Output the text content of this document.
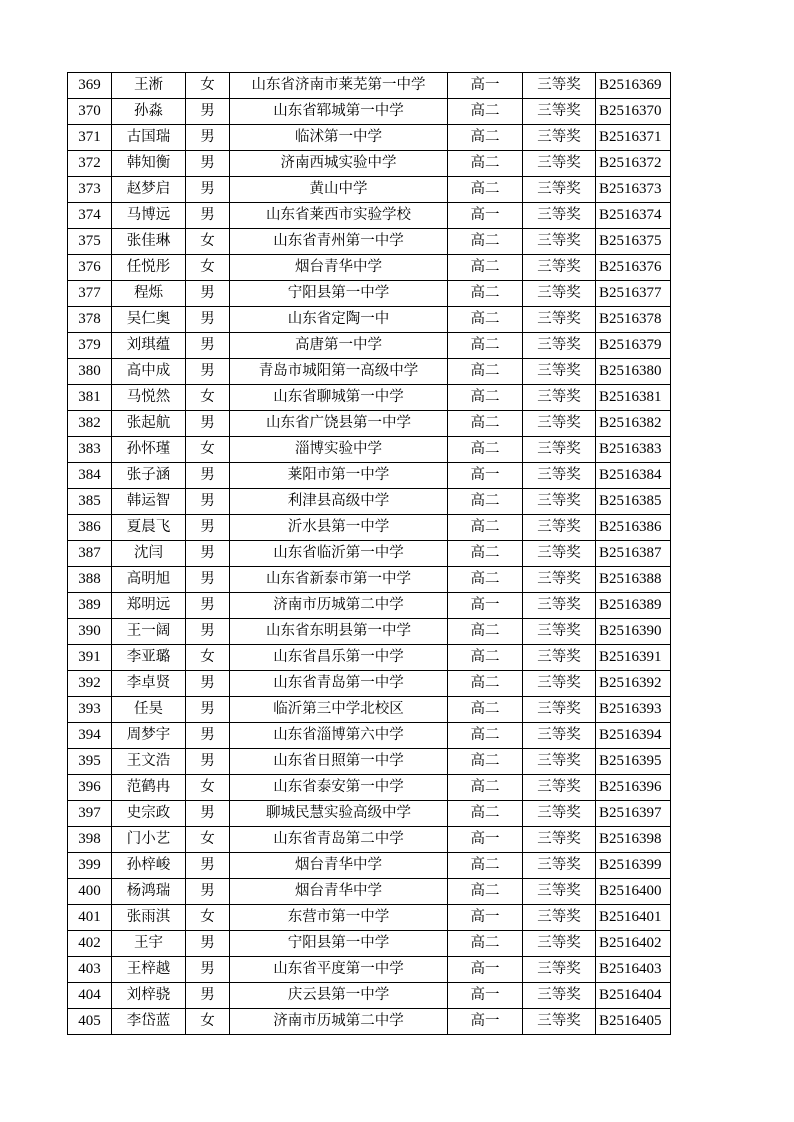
369	王淅	女	山东省济南市莱芜第一中学	高一	三等奖	B2516369
370	孙淼	男	山东省郓城第一中学	高二	三等奖	B2516370
371	古国瑞	男	临沭第一中学	高二	三等奖	B2516371
372	韩知衡	男	济南西城实验中学	高二	三等奖	B2516372
373	赵梦启	男	黄山中学	高二	三等奖	B2516373
374	马博远	男	山东省莱西市实验学校	高一	三等奖	B2516374
375	张佳琳	女	山东省青州第一中学	高二	三等奖	B2516375
376	任悦彤	女	烟台青华中学	高二	三等奖	B2516376
377	程烁	男	宁阳县第一中学	高二	三等奖	B2516377
378	吴仁奥	男	山东省定陶一中	高二	三等奖	B2516378
379	刘琪蕴	男	高唐第一中学	高二	三等奖	B2516379
380	高中成	男	青岛市城阳第一高级中学	高二	三等奖	B2516380
381	马悦然	女	山东省聊城第一中学	高二	三等奖	B2516381
382	张起航	男	山东省广饶县第一中学	高二	三等奖	B2516382
383	孙怀瑾	女	淄博实验中学	高二	三等奖	B2516383
384	张子涵	男	莱阳市第一中学	高一	三等奖	B2516384
385	韩运智	男	利津县高级中学	高二	三等奖	B2516385
386	夏晨飞	男	沂水县第一中学	高二	三等奖	B2516386
387	沈闫	男	山东省临沂第一中学	高二	三等奖	B2516387
388	高明旭	男	山东省新泰市第一中学	高二	三等奖	B2516388
389	郑明远	男	济南市历城第二中学	高一	三等奖	B2516389
390	王一阔	男	山东省东明县第一中学	高二	三等奖	B2516390
391	李亚璐	女	山东省昌乐第一中学	高二	三等奖	B2516391
392	李卓贤	男	山东省青岛第一中学	高二	三等奖	B2516392
393	任昊	男	临沂第三中学北校区	高二	三等奖	B2516393
394	周梦宇	男	山东省淄博第六中学	高二	三等奖	B2516394
395	王文浩	男	山东省日照第一中学	高二	三等奖	B2516395
396	范鹤冉	女	山东省泰安第一中学	高二	三等奖	B2516396
397	史宗政	男	聊城民慧实验高级中学	高二	三等奖	B2516397
398	门小艺	女	山东省青岛第二中学	高一	三等奖	B2516398
399	孙梓峻	男	烟台青华中学	高二	三等奖	B2516399
400	杨鸿瑞	男	烟台青华中学	高二	三等奖	B2516400
401	张雨淇	女	东营市第一中学	高一	三等奖	B2516401
402	王宇	男	宁阳县第一中学	高二	三等奖	B2516402
403	王梓越	男	山东省平度第一中学	高一	三等奖	B2516403
404	刘梓骁	男	庆云县第一中学	高一	三等奖	B2516404
405	李岱蓝	女	济南市历城第二中学	高一	三等奖	B2516405
